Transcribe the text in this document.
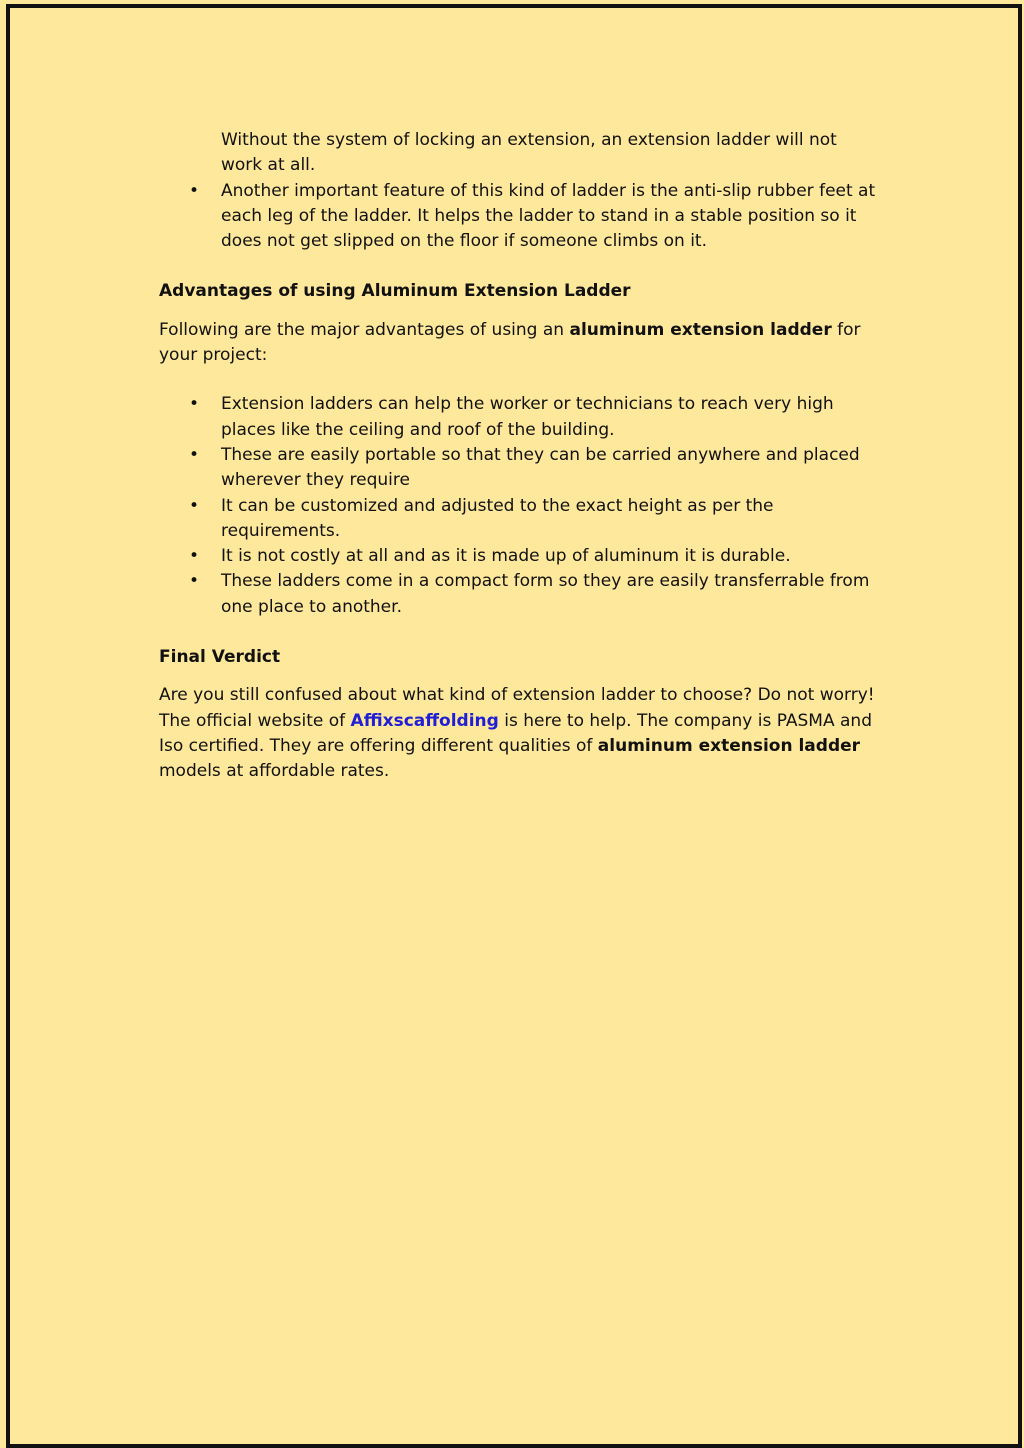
Without the system of locking an extension, an extension ladder will not work at all.
• Another important feature of this kind of ladder is the anti-slip rubber feet at each leg of the ladder. It helps the ladder to stand in a stable position so it does not get slipped on the floor if someone climbs on it.
Advantages of using Aluminum Extension Ladder

Following are the major advantages of using an aluminum extension ladder for your project:

• Extension ladders can help the worker or technicians to reach very high places like the ceiling and roof of the building.
• These are easily portable so that they can be carried anywhere and placed wherever they require
• It can be customized and adjusted to the exact height as per the requirements.
• It is not costly at all and as it is made up of aluminum it is durable.
• These ladders come in a compact form so they are easily transferrable from one place to another.
Final Verdict

Are you still confused about what kind of extension ladder to choose? Do not worry! The official website of Affixscaffolding is here to help. The company is PASMA and Iso certified. They are offering different qualities of aluminum extension ladder models at affordable rates.
